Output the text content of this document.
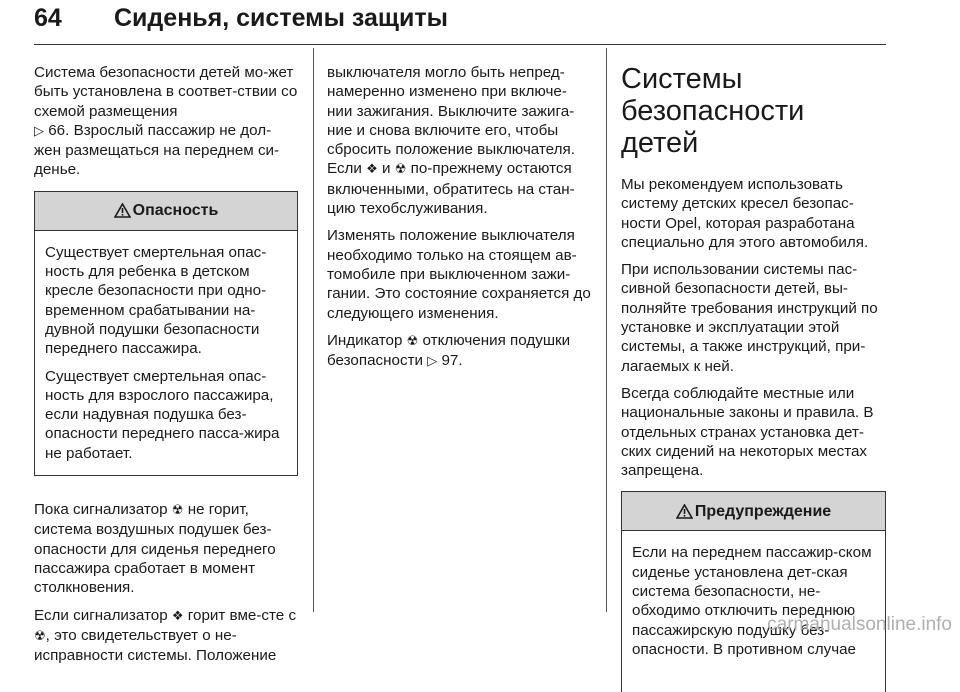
64 Сиденья, системы защиты

Система безопасности детей мо-жет быть установлена в соответ-ствии со схемой размещения
▷ 66. Взрослый пассажир не дол-жен размещаться на переднем си-денье.

Опасность

Существует смертельная опас-ность для ребенка в детском кресле безопасности при одно-временном срабатывании на-дувной подушки безопасности переднего пассажира.

Существует смертельная опас-ность для взрослого пассажира, если надувная подушка без-опасности переднего пасса-жира не работает.

Пока сигнализатор ☢ не горит, система воздушных подушек без-опасности для сиденья переднего пассажира сработает в момент столкновения.

Если сигнализатор ❖ горит вме-сте с ☢, это свидетельствует о не-исправности системы. Положение

выключателя могло быть непред-намеренно изменено при включе-нии зажигания. Выключите зажига-ние и снова включите его, чтобы сбросить положение выключателя. Если ❖ и ☢ по-прежнему остаются включенными, обратитесь на стан-цию техобслуживания.

Изменять положение выключателя необходимо только на стоящем ав-томобиле при выключенном зажи-гании. Это состояние сохраняется до следующего изменения.

Индикатор ☢ отключения подушки безопасности ▷ 97.

Системы
безопасности детей

Мы рекомендуем использовать систему детских кресел безопас-ности Opel, которая разработана специально для этого автомобиля.

При использовании системы пас-сивной безопасности детей, вы-полняйте требования инструкций по установке и эксплуатации этой системы, а также инструкций, при-лагаемых к ней.

Всегда соблюдайте местные или национальные законы и правила. В отдельных странах установка дет-ских сидений на некоторых местах запрещена.

Предупреждение

Если на переднем пассажир-ском сиденье установлена дет-ская система безопасности, не-обходимо отключить переднюю пассажирскую подушку без-опасности. В противном случае

carmanualsonline.info
